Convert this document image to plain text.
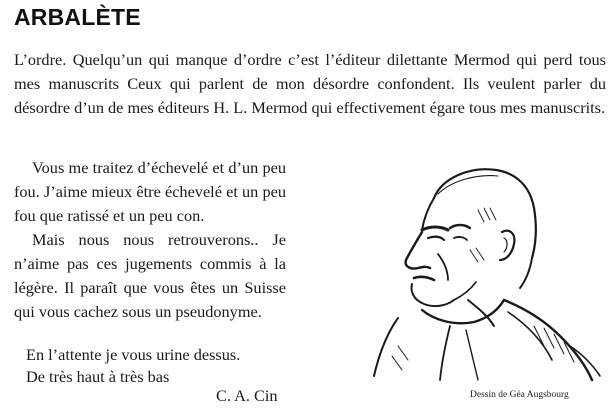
ARBALÈTE

L’ordre. Quelqu’un qui manque d’ordre c’est l’éditeur dilettante Mermod qui perd tous mes manuscrits Ceux qui parlent de mon désordre confondent. Ils veulent parler du désordre d’un de mes éditeurs H. L. Mermod qui effectivement égare tous mes manuscrits.

Vous me traitez d’échevelé et d’un peu fou. J’aime mieux être échevelé et un peu fou que ratissé et un peu con.

Mais nous nous retrouverons.. Je n’aime pas ces jugements commis à la légère. Il paraît que vous êtes un Suisse qui vous cachez sous un pseudonyme.

En l’attente je vous urine dessus.
De très haut à très bas
C. A. Cin	Dessin de Géa Augsbourg
